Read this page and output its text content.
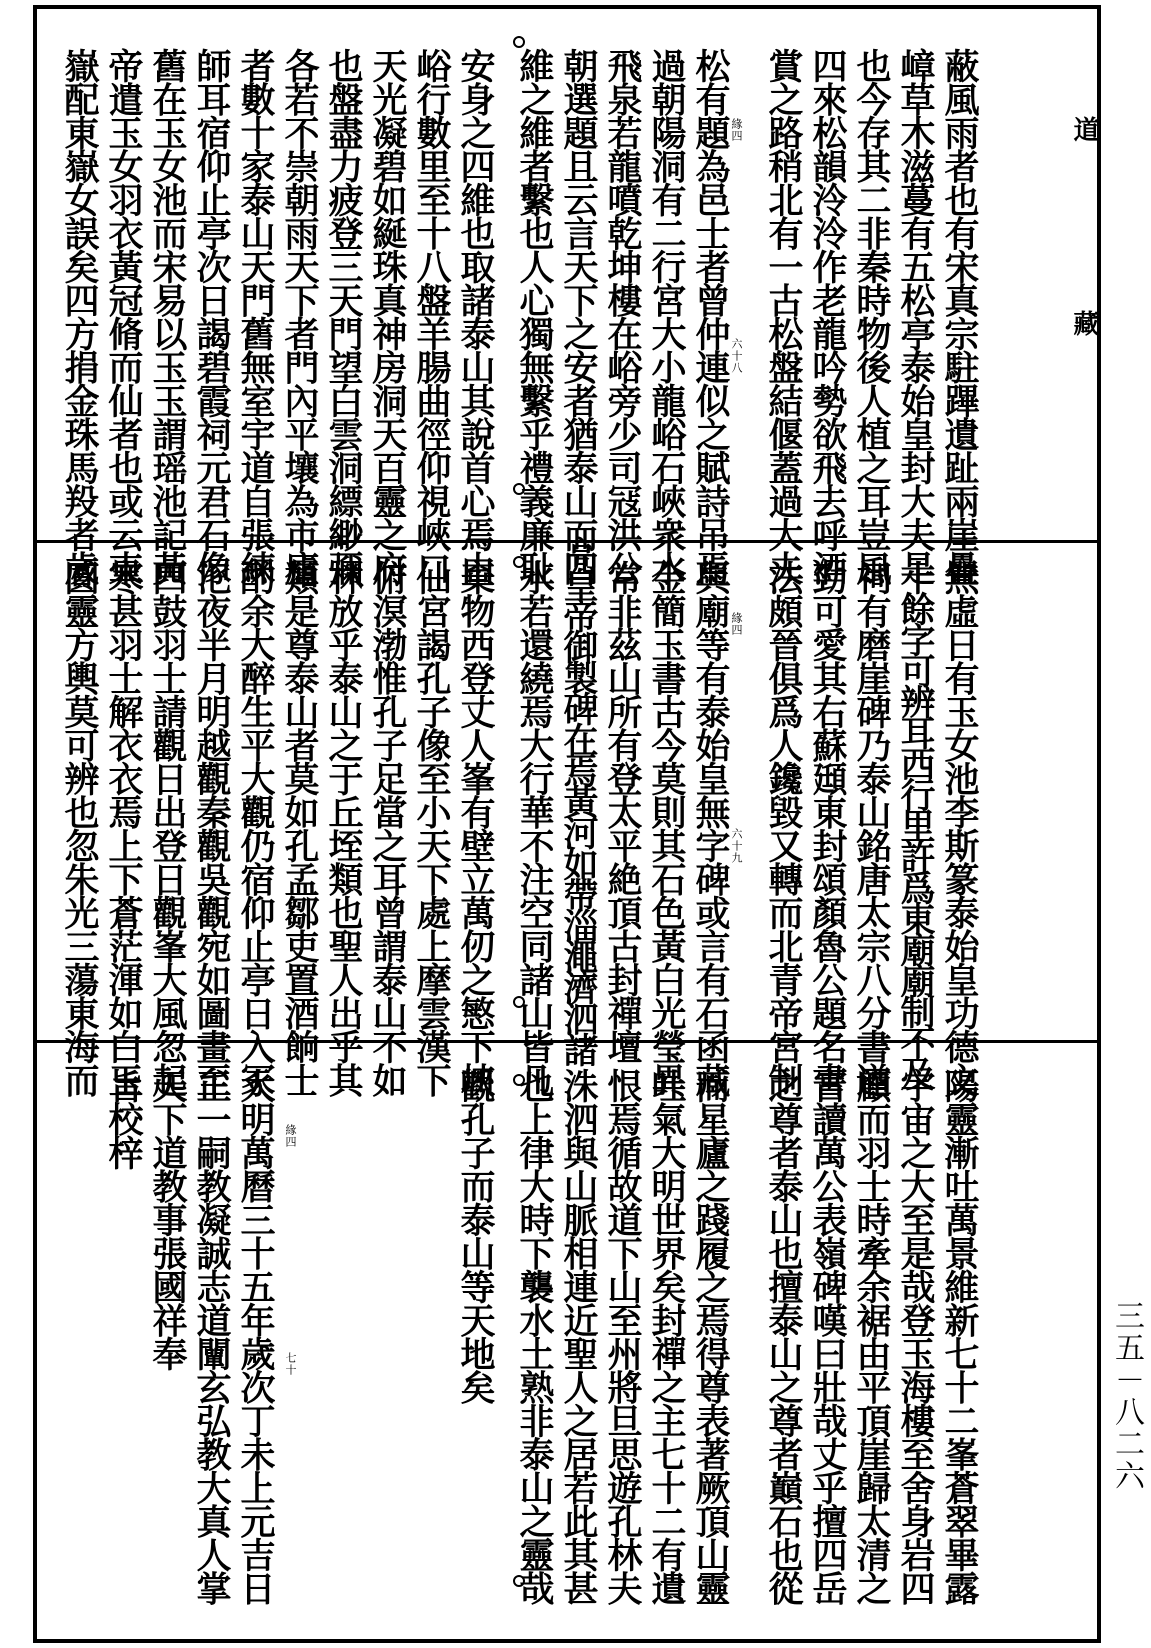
道
藏
三五－八二六
緣四
六十八
緣四
六十九
緣四
七十
蔽風雨者也有宋真宗駐蹕遺趾兩崖疊
嶂草木滋蔓有五松亭泰始皇封大夫是
也今存其二非秦時物後人植之耳豈風
四來松韻泠泠作老龍吟勢欲飛去呼酒
賞之路稍北有一古松盤結偃蓋過大夫
松有題為邑士者曾仲連似之賦詩吊焉
過朝陽洞有二行宮大小龍峪石峽衆水
飛泉若龍噴乾坤樓在峪旁少司冦洪公
朝選題且云言天下之安者猶泰山而四
維之維者繫也人心獨無繫乎禮義廉耻
安身之四維也取諸泰山其說首心焉由
峪行數里至十八盤羊腸曲徑仰視峽口
天光凝碧如綖珠真神房洞天百靈之府
也盤盡力疲登三天門望白雲洞縹緲彌
各若不崇朝雨天下者門內平壤為市廬
者數十家泰山天門舊無室宇道自張練
師耳宿仰止亭次日謁碧霞祠元君石像
舊在玉女池而宋易以玉玉謂瑶池記黃
帝遣玉女羽衣黃冠脩而仙者也或云東
嶽配東嶽女誤矣四方捐金珠馬羖者歲
無虛日有玉女池李斯篆泰始皇功德文
十餘字可辨耳西行里許爲東廟廟制不及
祠有磨崖碑乃泰山銘唐太宗八分書遒
勁可愛其右蘇頲東封頌顏魯公題名書
法頗晉俱爲人鑱毀又轉而北青帝宮制
與廟等有泰始皇無字碑或言有石函藏
金簡玉書古今莫則其石色黃白光瑩異
常非茲山所有登太平絶頂古封禪壇
高皇帝御製碑在焉黃河如帶淄澠濟泗諸
水若還繞焉大行華不注空同諸山皆凡
棄物西登丈人峯有壁立萬仞之慜下峽
仙宮謁孔子像至小天下處上摩雲漢下
俯溟渤惟孔子足當之耳曾謂泰山不如
林放乎泰山之于丘垤類也聖人出乎其
類是尊泰山者莫如孔孟鄒吏置酒餉士
酌余大醉生平大觀仍宿仰止亭日入冢
汜夜半月明越觀秦觀吳觀宛如圖畫至
四鼓羽士請觀日出登日觀峯大風忽起
寒甚羽士解衣衣焉上下蒼茫渾如白玉
圓靈方輿莫可辨也忽朱光三蕩東海而
陽靈漸吐萬景維新七十二峯蒼翠畢露
宇宙之大至是哉登玉海樓至舍身岩四
顧而羽士時牽余裾由平頂崖歸太清之
宮讀萬公表嶺碑嘆曰壯哉丈乎擅四岳
之尊者泰山也擅泰山之尊者巔石也從
而星廬之踐履之焉得尊表著厥頂山靈
吐氣大明世界矣封禪之主七十二有遺
恨焉循故道下山至州將旦思遊孔林夫
洙泗與山脈相連近聖人之居若此其甚
也上律大時下襲水土熟非泰山之靈哉
觀孔子而泰山等天地矣
大明萬曆三十五年歲次丁未上元吉日
正一嗣教凝誠志道闡玄弘教大真人掌
天下道教事張國祥奉
旨校梓
